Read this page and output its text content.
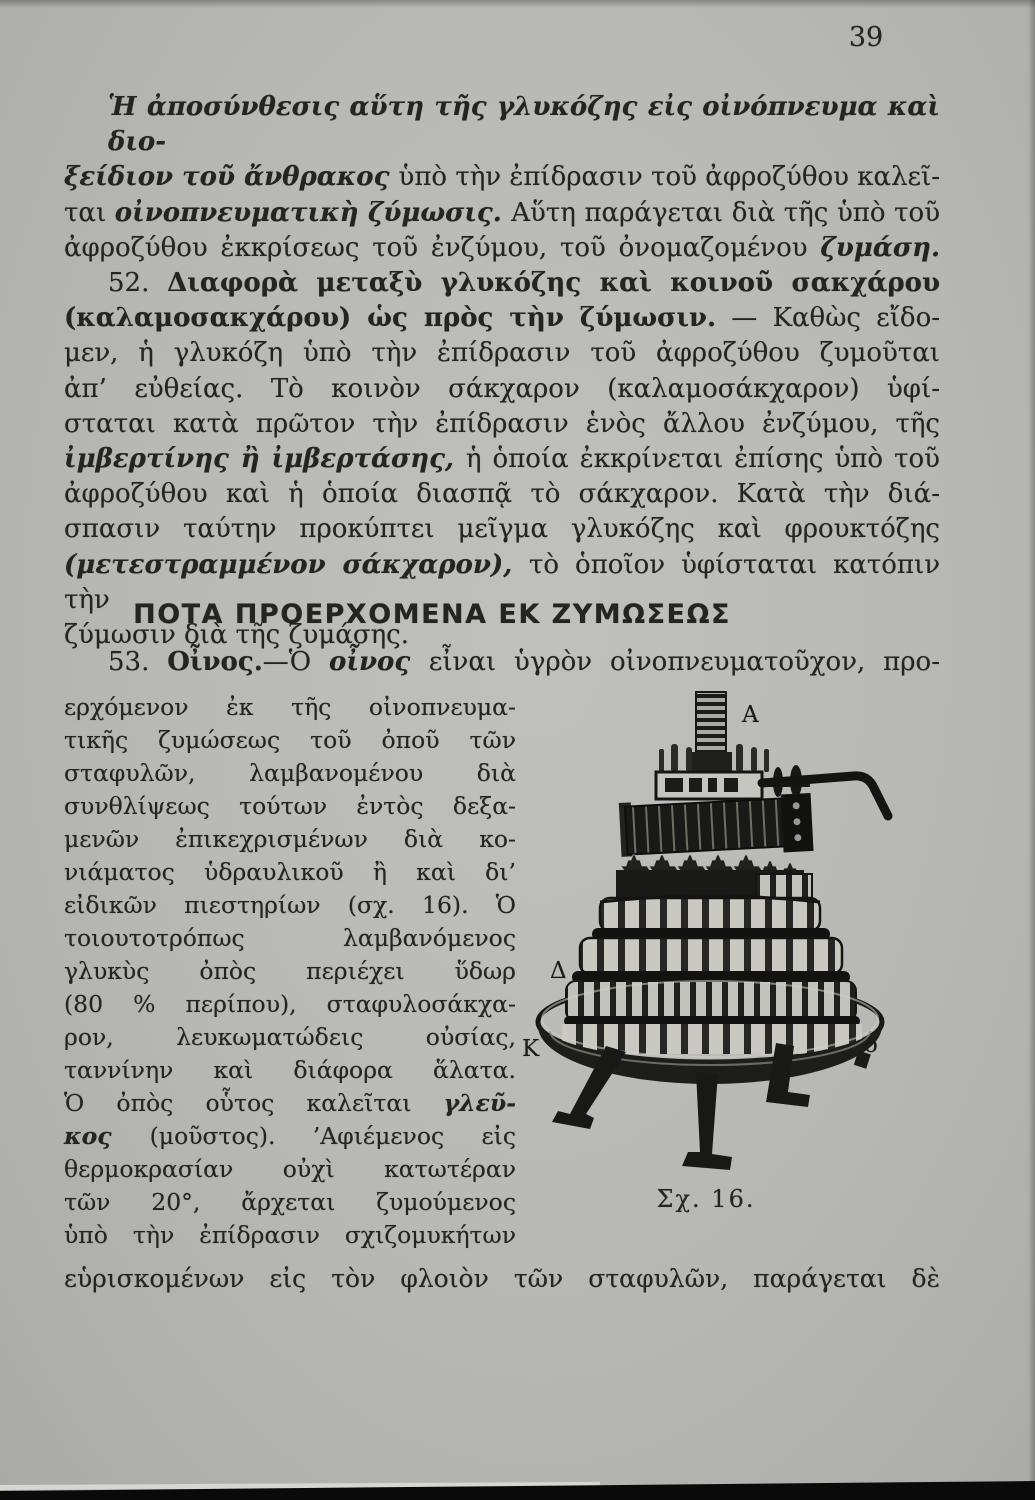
39
Ἡ ἀποσύνθεσις αὕτη τῆς γλυκόζης εἰς οἰνόπνευμα καὶ διο-
ξείδιον τοῦ ἄνθρακος ὑπὸ τὴν ἐπίδρασιν τοῦ ἀφροζύθου καλεῖ-
ται οἰνοπνευματικὴ ζύμωσις. Αὕτη παράγεται διὰ τῆς ὑπὸ τοῦ
ἀφροζύθου ἐκκρίσεως τοῦ ἐνζύμου, τοῦ ὀνομαζομένου ζυμάση.
52. Διαφορὰ μεταξὺ γλυκόζης καὶ κοινοῦ σακχάρου
(καλαμοσακχάρου) ὡς πρὸς τὴν ζύμωσιν. — Καθὼς εἴδο-
μεν, ἡ γλυκόζη ὑπὸ τὴν ἐπίδρασιν τοῦ ἀφροζύθου ζυμοῦται
ἀπ’ εὐθείας. Τὸ κοινὸν σάκχαρον (καλαμοσάκχαρον) ὑφί-
σταται κατὰ πρῶτον τὴν ἐπίδρασιν ἑνὸς ἄλλου ἐνζύμου, τῆς
ἰμβερτίνης ἢ ἰμβερτάσης, ἡ ὁποία ἐκκρίνεται ἐπίσης ὑπὸ τοῦ
ἀφροζύθου καὶ ἡ ὁποία διασπᾷ τὸ σάκχαρον. Κατὰ τὴν διά-
σπασιν ταύτην προκύπτει μεῖγμα γλυκόζης καὶ φρουκτόζης
(μετεστραμμένον σάκχαρον), τὸ ὁποῖον ὑφίσταται κατόπιν τὴν
ζύμωσιν διὰ τῆς ζυμάσης.
ΠΟΤΑ ΠΡΟΕΡΧΟΜΕΝΑ ΕΚ ΖΥΜΩΣΕΩΣ
53. Οἶνος.—Ὁ οἶνος εἶναι ὑγρὸν οἰνοπνευματοῦχον, προ-
ερχόμενον ἐκ τῆς οἰνοπνευμα-
τικῆς ζυμώσεως τοῦ ὀποῦ τῶν
σταφυλῶν, λαμβανομένου διὰ
συνθλίψεως τούτων ἐντὸς δεξα-
μενῶν ἐπικεχρισμένων διὰ κο-
νιάματος ὑδραυλικοῦ ἢ καὶ δι’
εἰδικῶν πιεστηρίων (σχ. 16). Ὁ
τοιουτοτρόπως λαμβανόμενος
γλυκὺς ὀπὸς περιέχει ὕδωρ
(80 % περίπου), σταφυλοσάκχα-
ρον, λευκωματώδεις οὐσίας,
ταννίνην καὶ διάφορα ἅλατα.
Ὁ ὀπὸς οὗτος καλεῖται γλεῦ-
κος (μοῦστος). ’Αφιέμενος εἰς
θερμοκρασίαν οὐχὶ κατωτέραν
τῶν 20°, ἄρχεται ζυμούμενος
ὑπὸ τὴν ἐπίδρασιν σχιζομυκήτων
εὑρισκομένων εἰς τὸν φλοιὸν τῶν σταφυλῶν, παράγεται δὲ
A
Δ
K	o
Σχ. 16.
